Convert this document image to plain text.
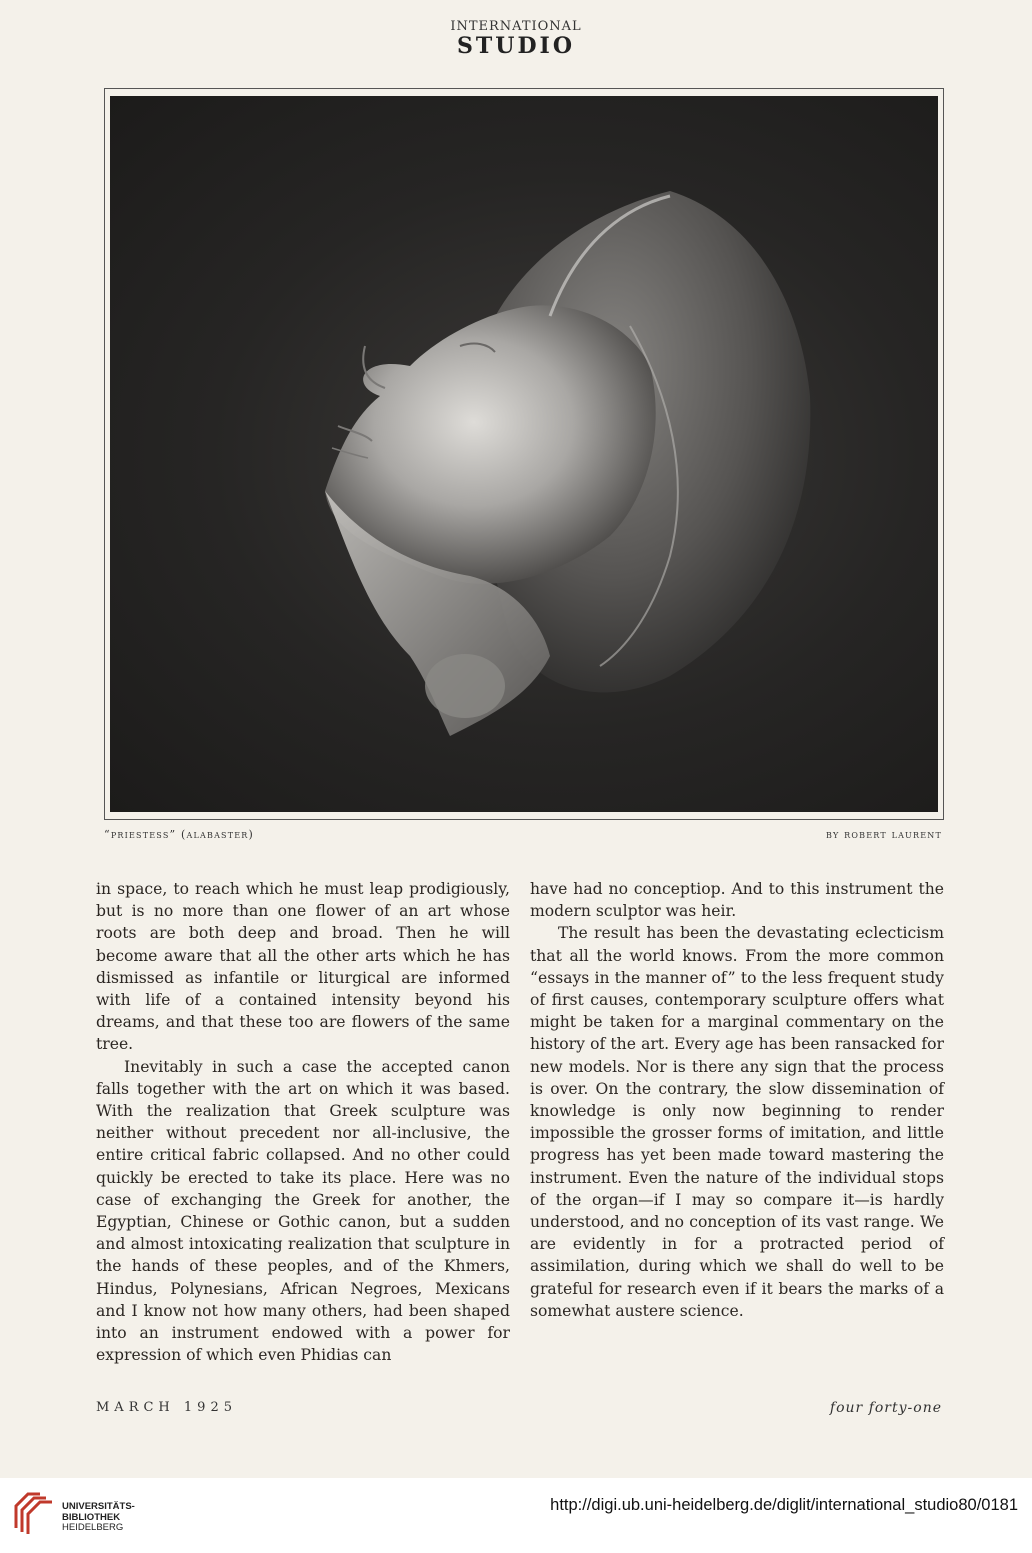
INTERNATIONAL
STUDIO
“priestess” (alabaster)	by robert laurent

in space, to reach which he must leap prodigiously, but is no more than one flower of an art whose roots are both deep and broad. Then he will become aware that all the other arts which he has dismissed as infantile or liturgical are informed with life of a contained intensity beyond his dreams, and that these too are flowers of the same tree.

Inevitably in such a case the accepted canon falls together with the art on which it was based. With the realization that Greek sculpture was neither without precedent nor all-inclusive, the entire critical fabric collapsed. And no other could quickly be erected to take its place. Here was no case of exchanging the Greek for another, the Egyptian, Chinese or Gothic canon, but a sudden and almost intoxicating realization that sculpture in the hands of these peoples, and of the Khmers, Hindus, Polynesians, African Negroes, Mexicans and I know not how many others, had been shaped into an instrument endowed with a power for expression of which even Phidias can

have had no conceptiop. And to this instrument the modern sculptor was heir.

The result has been the devastating eclecticism that all the world knows. From the more common “essays in the manner of” to the less frequent study of first causes, contemporary sculpture offers what might be taken for a marginal commentary on the history of the art. Every age has been ransacked for new models. Nor is there any sign that the process is over. On the contrary, the slow dissemination of knowledge is only now beginning to render impossible the grosser forms of imitation, and little progress has yet been made toward mastering the instrument. Even the nature of the individual stops of the organ—if I may so compare it—is hardly understood, and no conception of its vast range. We are evidently in for a protracted period of assimilation, during which we shall do well to be grateful for research even if it bears the marks of a somewhat austere science.

MARCH 1925	four forty-one
UNIVERSITÄTS-
BIBLIOTHEK
HEIDELBERG
http://digi.ub.uni-heidelberg.de/diglit/international_studio80/0181
